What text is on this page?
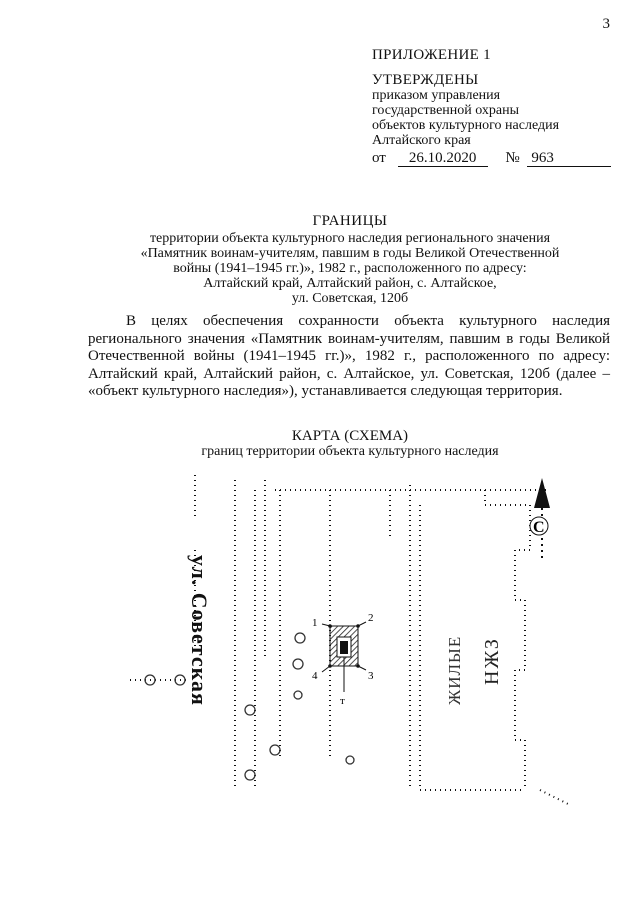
3
ПРИЛОЖЕНИЕ 1
УТВЕРЖДЕНЫ
приказом управления
государственной охраны
объектов культурного наследия
Алтайского края
от 26.10.2020 № 963
ГРАНИЦЫ
территории объекта культурного наследия регионального значения
«Памятник воинам-учителям, павшим в годы Великой Отечественной
войны (1941–1945 гг.)», 1982 г., расположенного по адресу:
Алтайский край, Алтайский район, с. Алтайское,
ул. Советская, 120б

В целях обеспечения сохранности объекта культурного наследия регионального значения «Памятник воинам-учителям, павшим в годы Великой Отечественной войны (1941–1945 гг.)», 1982 г., расположенного по адресу: Алтайский край, Алтайский район, с. Алтайское, ул. Советская, 120б (далее – «объект культурного наследия»), устанавливается следующая территория.

КАРТА (СХЕМА)
границ территории объекта культурного наследия
1	2
3
4
т	ЖИЛЫЕ НЖЗ
С
ул. Советская
